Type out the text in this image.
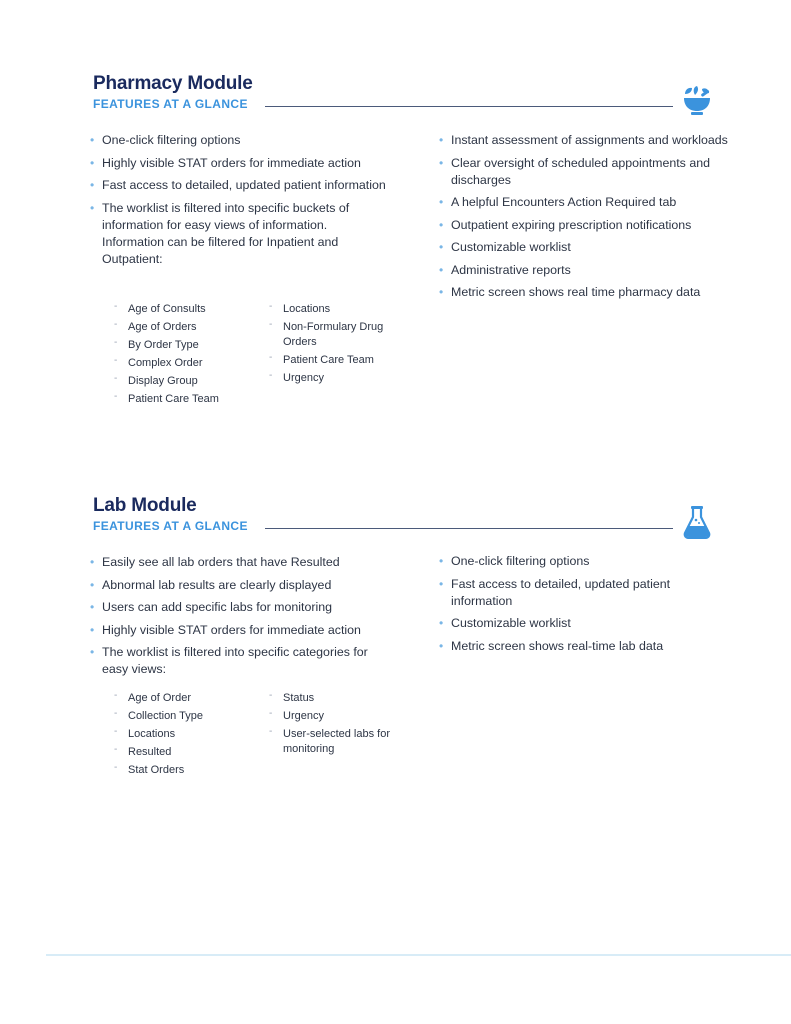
Pharmacy Module
FEATURES AT A GLANCE
• One-click filtering options
• Highly visible STAT orders for immediate action
• Fast access to detailed, updated patient information
• The worklist is filtered into specific buckets of information for easy views of information. Information can be filtered for Inpatient and Outpatient:
- Age of Consults
- Age of Orders
- By Order Type
- Complex Order
- Display Group
- Patient Care Team
- Locations
- Non-Formulary Drug Orders
- Patient Care Team
- Urgency
• Instant assessment of assignments and workloads
• Clear oversight of scheduled appointments and discharges
• A helpful Encounters Action Required tab
• Outpatient expiring prescription notifications
• Customizable worklist
• Administrative reports
• Metric screen shows real time pharmacy data
Lab Module
FEATURES AT A GLANCE
• Easily see all lab orders that have Resulted
• Abnormal lab results are clearly displayed
• Users can add specific labs for monitoring
• Highly visible STAT orders for immediate action
• The worklist is filtered into specific categories for easy views:
- Age of Order
- Collection Type
- Locations
- Resulted
- Stat Orders
- Status
- Urgency
- User-selected labs for monitoring
• One-click filtering options
• Fast access to detailed, updated patient information
• Customizable worklist
• Metric screen shows real-time lab data
